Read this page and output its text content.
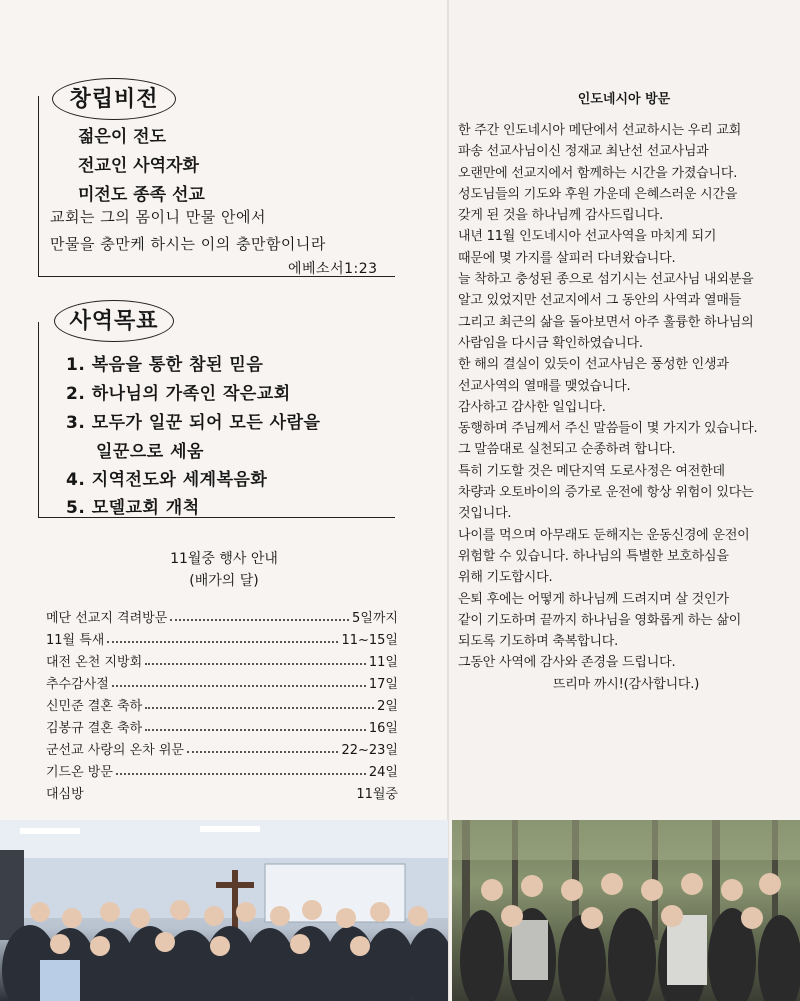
창립비전
젊은이 전도
전교인 사역자화
미전도 종족 선교
교회는 그의 몸이니 만물 안에서
만물을 충만케 하시는 이의 충만함이니라
에베소서1:23
사역목표
1. 복음을 통한 참된 믿음
2. 하나님의 가족인 작은교회
3. 모두가 일꾼 되어 모든 사람을
일꾼으로 세움
4. 지역전도와 세계복음화
5. 모델교회 개척
11월중 행사 안내
(배가의 달)
메단 선교지 격려방문	5일까지
11월 특새	11~15일
대전 온천 지방회	11일
추수감사절	17일
신민준 결혼 축하	2일
김봉규 결혼 축하	16일
군선교 사랑의 온차 위문	22~23일
기드온 방문	24일
대심방	11월중
인도네시아 방문
한 주간 인도네시아 메단에서 선교하시는 우리 교회
파송 선교사님이신 정재교 최난선 선교사님과
오랜만에 선교지에서 함께하는 시간을 가졌습니다.
성도님들의 기도와 후원 가운데 은혜스러운 시간을
갖게 된 것을 하나님께 감사드립니다.
내년 11월 인도네시아 선교사역을 마치게 되기
때문에 몇 가지를 살피러 다녀왔습니다.
늘 착하고 충성된 종으로 섬기시는 선교사님 내외분을
알고 있었지만 선교지에서 그 동안의 사역과 열매들
그리고 최근의 삶을 돌아보면서 아주 훌륭한 하나님의
사람임을 다시금 확인하였습니다.
한 해의 결실이 있듯이 선교사님은 풍성한 인생과
선교사역의 열매를 맺었습니다.
감사하고 감사한 일입니다.
동행하며 주님께서 주신 말씀들이 몇 가지가 있습니다.
그 말씀대로 실천되고 순종하려 합니다.
특히 기도할 것은 메단지역 도로사정은 여전한데
차량과 오토바이의 증가로 운전에 항상 위험이 있다는
것입니다.
나이를 먹으며 아무래도 둔해지는 운동신경에 운전이
위험할 수 있습니다. 하나님의 특별한 보호하심을
위해 기도합시다.
은퇴 후에는 어떻게 하나님께 드려지며 살 것인가
같이 기도하며 끝까지 하나님을 영화롭게 하는 삶이
되도록 기도하며 축복합니다.
그동안 사역에 감사와 존경을 드립니다.
뜨리마 까시!(감사합니다.)
